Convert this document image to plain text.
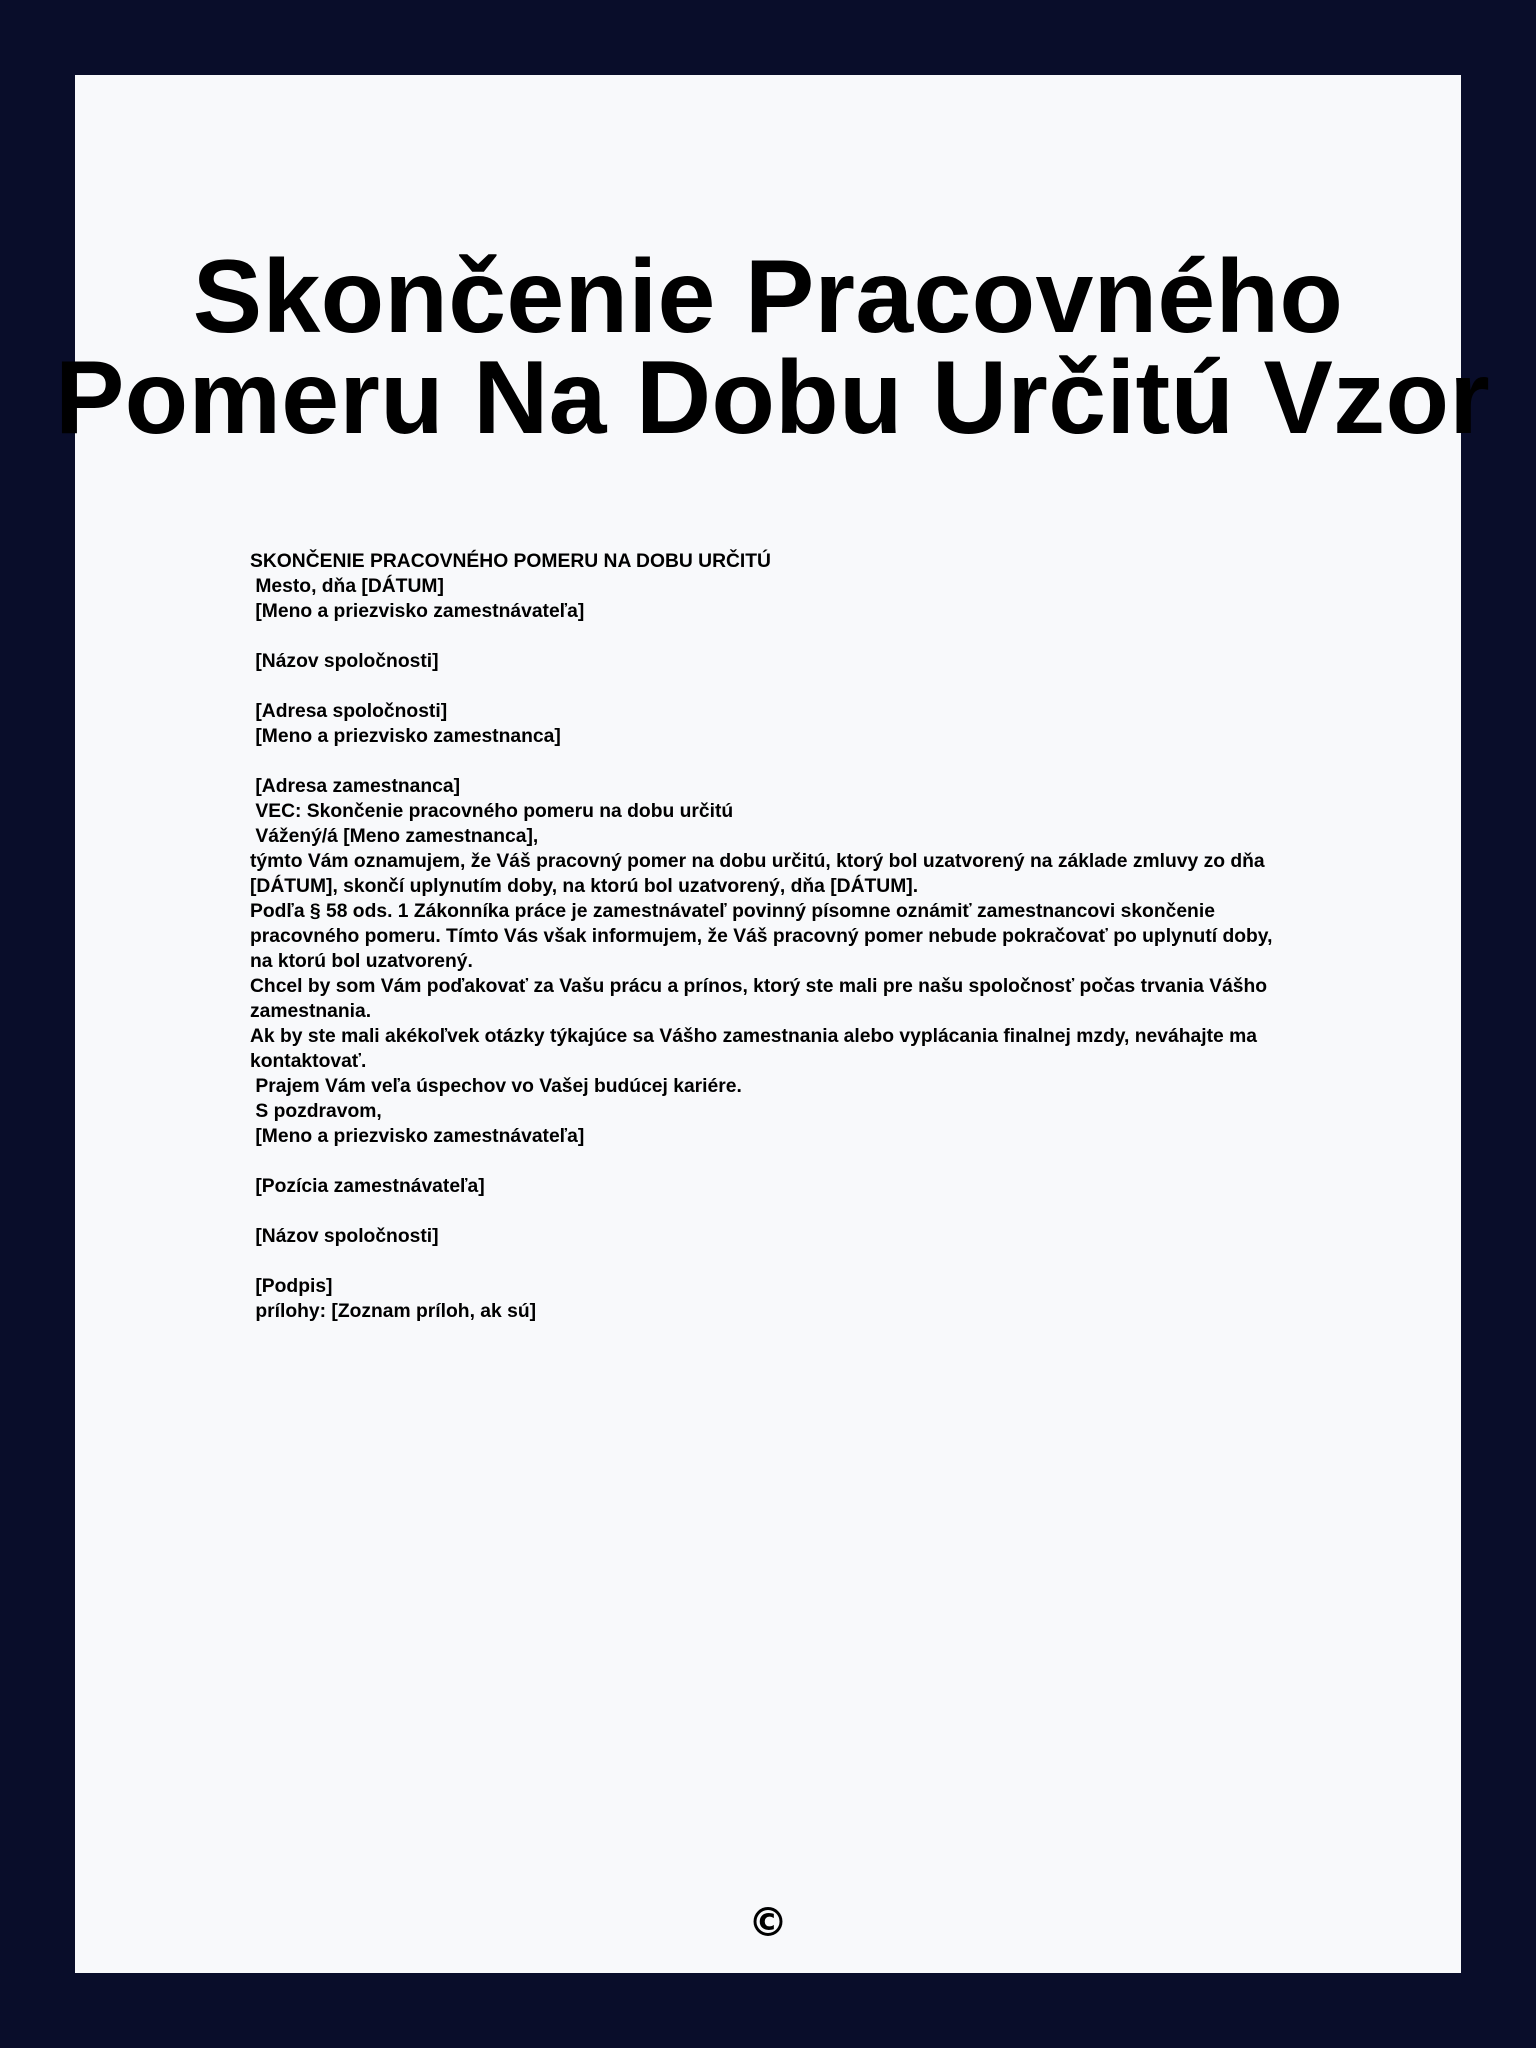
Skončenie Pracovného
Pomeru Na Dobu Určitú Vzor
SKONČENIE PRACOVNÉHO POMERU NA DOBU URČITÚ
Mesto, dňa [DÁTUM]
[Meno a priezvisko zamestnávateľa]

[Názov spoločnosti]

[Adresa spoločnosti]
[Meno a priezvisko zamestnanca]

[Adresa zamestnanca]
VEC: Skončenie pracovného pomeru na dobu určitú
Vážený/á [Meno zamestnanca],
týmto Vám oznamujem, že Váš pracovný pomer na dobu určitú, ktorý bol uzatvorený na základe zmluvy zo dňa [DÁTUM], skončí uplynutím doby, na ktorú bol uzatvorený, dňa [DÁTUM].
Podľa § 58 ods. 1 Zákonníka práce je zamestnávateľ povinný písomne oznámiť zamestnancovi skončenie pracovného pomeru. Tímto Vás však informujem, že Váš pracovný pomer nebude pokračovať po uplynutí doby, na ktorú bol uzatvorený.
Chcel by som Vám poďakovať za Vašu prácu a prínos, ktorý ste mali pre našu spoločnosť počas trvania Vášho zamestnania.
Ak by ste mali akékoľvek otázky týkajúce sa Vášho zamestnania alebo vyplácania finalnej mzdy, neváhajte ma kontaktovať.
Prajem Vám veľa úspechov vo Vašej budúcej kariére.
S pozdravom,
[Meno a priezvisko zamestnávateľa]

[Pozícia zamestnávateľa]

[Názov spoločnosti]

[Podpis]
prílohy: [Zoznam príloh, ak sú]
©
